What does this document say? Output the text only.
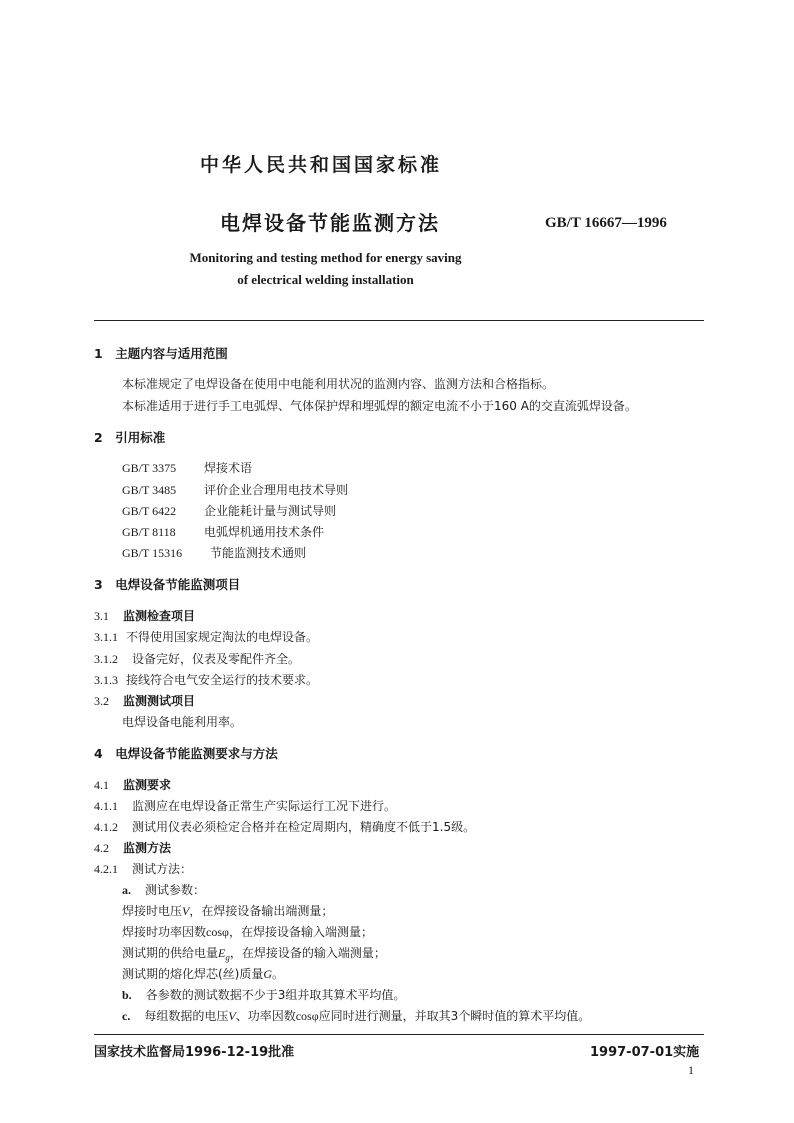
中华人民共和国国家标准
电焊设备节能监测方法	GB/T 16667—1996
Monitoring and testing method for energy saving
of electrical welding installation
1　主题内容与适用范围
本标准规定了电焊设备在使用中电能利用状况的监测内容、监测方法和合格指标。
本标准适用于进行手工电弧焊、气体保护焊和埋弧焊的额定电流不小于160 A的交直流弧焊设备。
2　引用标准
GB/T 3375 焊接术语
GB/T 3485 评价企业合理用电技术导则
GB/T 6422 企业能耗计量与测试导则
GB/T 8118 电弧焊机通用技术条件
GB/T 15316 节能监测技术通则
3　电焊设备节能监测项目
3.1 监测检查项目
3.1.1 不得使用国家规定淘汰的电焊设备。
3.1.2 设备完好，仪表及零配件齐全。
3.1.3 接线符合电气安全运行的技术要求。
3.2 监测测试项目
电焊设备电能利用率。
4　电焊设备节能监测要求与方法
4.1 监测要求
4.1.1 监测应在电焊设备正常生产实际运行工况下进行。
4.1.2 测试用仪表必须检定合格并在检定周期内，精确度不低于1.5级。
4.2 监测方法
4.2.1 测试方法：
a. 测试参数：
焊接时电压V，在焊接设备输出端测量；
焊接时功率因数cosφ，在焊接设备输入端测量；
测试期的供给电量$E_g$，在焊接设备的输入端测量；
测试期的熔化焊芯(丝)质量G。
b. 各参数的测试数据不少于3组并取其算术平均值。
c. 每组数据的电压V、功率因数cosφ应同时进行测量，并取其3个瞬时值的算术平均值。
国家技术监督局1996-12-19批准	1997-07-01实施
1
